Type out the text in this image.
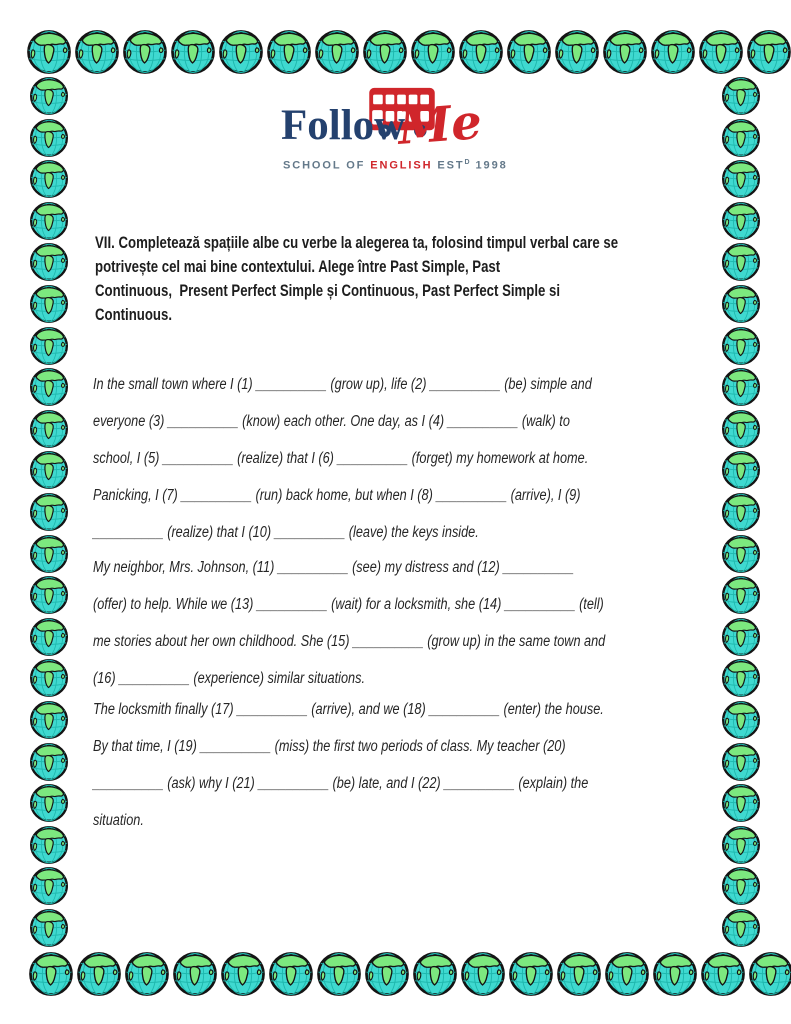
FollowMe
SCHOOL OF ENGLISH $EST^D$ 1998
VII. Completează spațiile albe cu verbe la alegerea ta, folosind timpul verbal care se
potrivește cel mai bine contextului. Alege între Past Simple, Past
Continuous,  Present Perfect Simple și Continuous, Past Perfect Simple si
Continuous.
In the small town where I (1) __________ (grow up), life (2) __________ (be) simple and
everyone (3) __________ (know) each other. One day, as I (4) __________ (walk) to
school, I (5) __________ (realize) that I (6) __________ (forget) my homework at home.
Panicking, I (7) __________ (run) back home, but when I (8) __________ (arrive), I (9)
__________ (realize) that I (10) __________ (leave) the keys inside.
My neighbor, Mrs. Johnson, (11) __________ (see) my distress and (12) __________
(offer) to help. While we (13) __________ (wait) for a locksmith, she (14) __________ (tell)
me stories about her own childhood. She (15) __________ (grow up) in the same town and
(16) __________ (experience) similar situations.
The locksmith finally (17) __________ (arrive), and we (18) __________ (enter) the house.
By that time, I (19) __________ (miss) the first two periods of class. My teacher (20)
__________ (ask) why I (21) __________ (be) late, and I (22) __________ (explain) the
situation.
